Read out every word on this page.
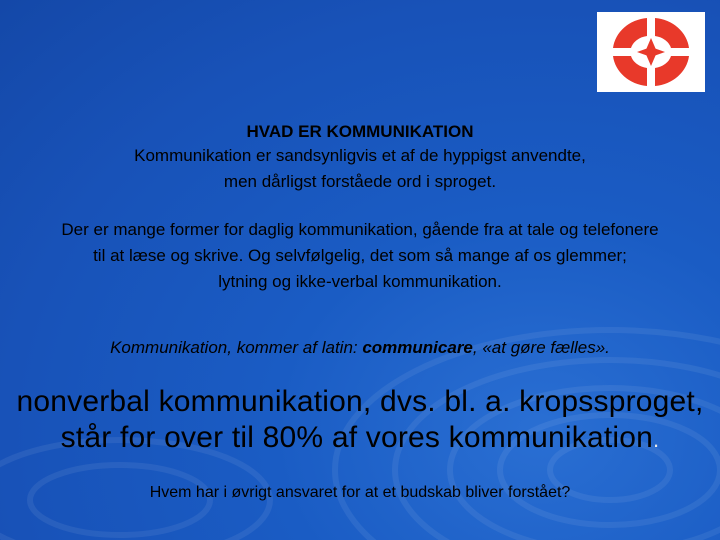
HVAD ER KOMMUNIKATION
Kommunikation er sandsynligvis et af de hyppigst anvendte,
men dårligst forståede ord i sproget.
Der er mange former for daglig kommunikation, gående fra at tale og telefonere
til at læse og skrive. Og selvfølgelig, det som så mange af os glemmer;
lytning og ikke-verbal kommunikation.
Kommunikation, kommer af latin: communicare, «at gøre fælles».
nonverbal kommunikation, dvs. bl. a. kropssproget,
står for over til 80% af vores kommunikation.
Hvem har i øvrigt ansvaret for at et budskab bliver forstået?
